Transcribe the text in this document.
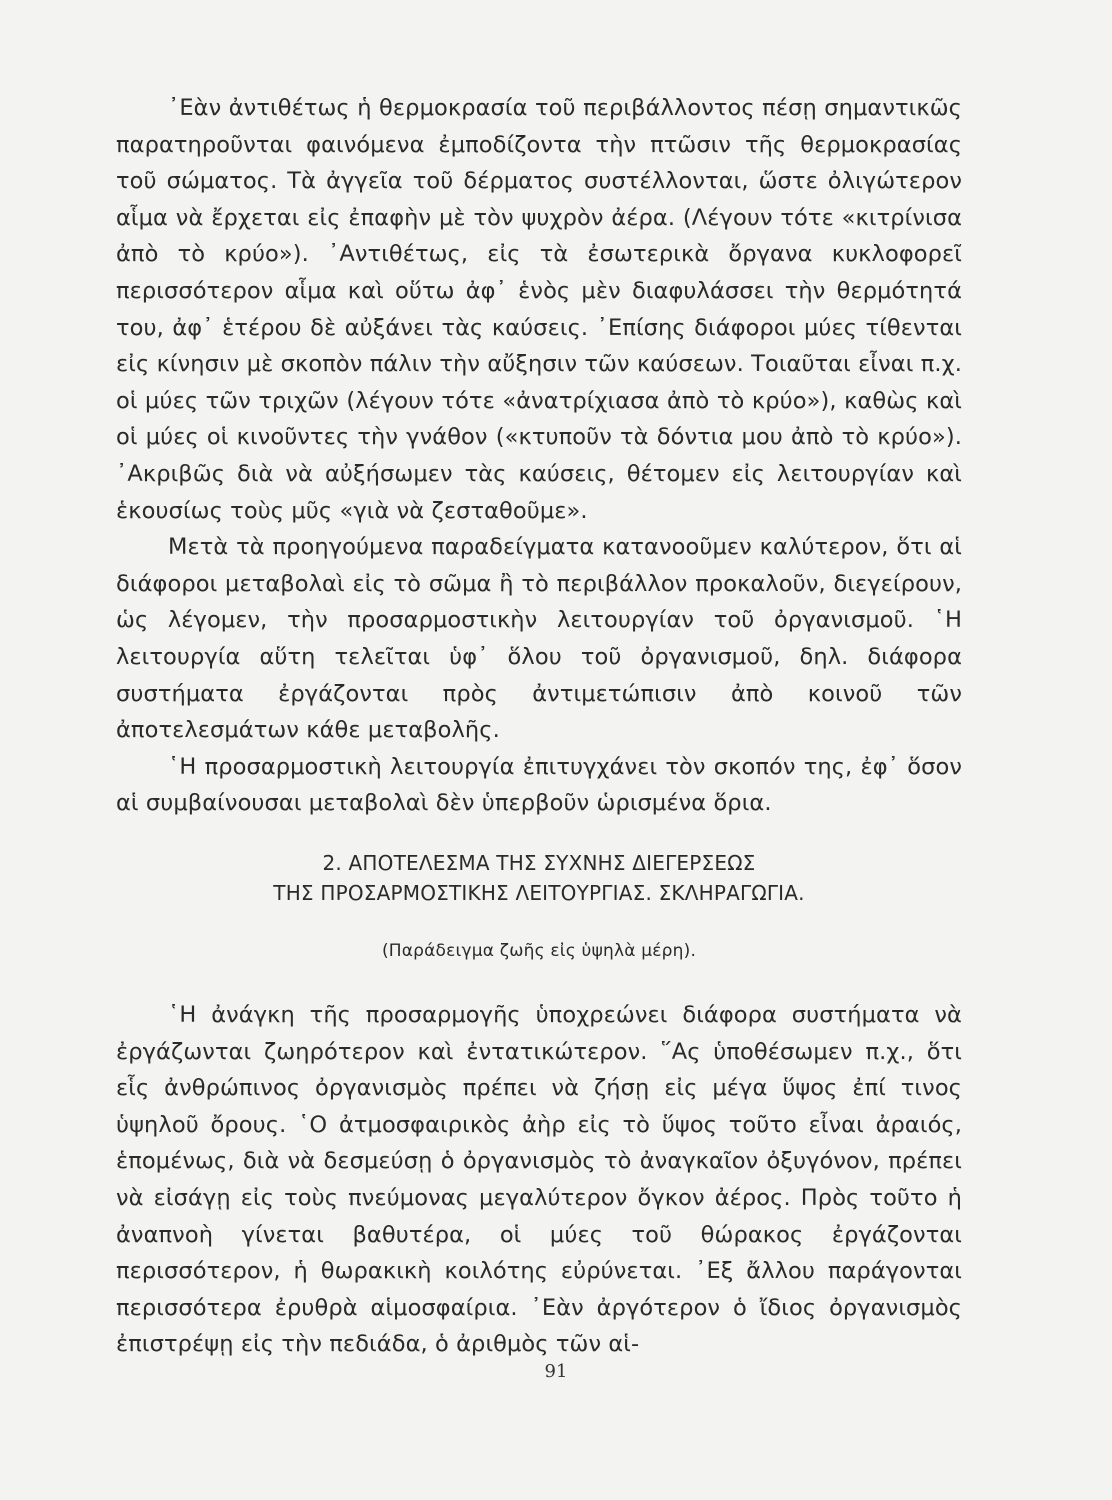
᾿Εὰν ἀντιθέτως ἡ θερμοκρασία τοῦ περιβάλλοντος πέσῃ σημαντικῶς παρατηροῦνται φαινόμενα ἐμποδίζοντα τὴν πτῶσιν τῆς θερμοκρασίας τοῦ σώματος. Τὰ ἀγγεῖα τοῦ δέρματος συστέλλονται, ὥστε ὀλιγώτερον αἷμα νὰ ἔρχεται εἰς ἐπαφὴν μὲ τὸν ψυχρὸν ἀέρα. (Λέγουν τότε «κιτρίνισα ἀπὸ τὸ κρύο»). ᾿Αντιθέτως, εἰς τὰ ἐσωτερικὰ ὄργανα κυκλοφορεῖ περισσότερον αἷμα καὶ οὕτω ἀφ᾿ ἑνὸς μὲν διαφυλάσσει τὴν θερμότητά του, ἀφ᾿ ἑτέρου δὲ αὐξάνει τὰς καύσεις. ᾿Επίσης διάφοροι μύες τίθενται εἰς κίνησιν μὲ σκοπὸν πάλιν τὴν αὔξησιν τῶν καύσεων. Τοιαῦται εἶναι π.χ. οἱ μύες τῶν τριχῶν (λέγουν τότε «ἀνατρίχιασα ἀπὸ τὸ κρύο»), καθὼς καὶ οἱ μύες οἱ κινοῦντες τὴν γνάθον («κτυποῦν τὰ δόντια μου ἀπὸ τὸ κρύο»). ᾿Ακριβῶς διὰ νὰ αὐξήσωμεν τὰς καύσεις, θέτομεν εἰς λειτουργίαν καὶ ἑκουσίως τοὺς μῦς «γιὰ νὰ ζεσταθοῦμε».

Μετὰ τὰ προηγούμενα παραδείγματα κατανοοῦμεν καλύτερον, ὅτι αἱ διάφοροι μεταβολαὶ εἰς τὸ σῶμα ἢ τὸ περιβάλλον προκαλοῦν, διεγείρουν, ὡς λέγομεν, τὴν προσαρμοστικὴν λειτουργίαν τοῦ ὀργανισμοῦ. ῾Η λειτουργία αὕτη τελεῖται ὑφ᾿ ὅλου τοῦ ὀργανισμοῦ, δηλ. διάφορα συστήματα ἐργάζονται πρὸς ἀντιμετώπισιν ἀπὸ κοινοῦ τῶν ἀποτελεσμάτων κάθε μεταβολῆς.

῾Η προσαρμοστικὴ λειτουργία ἐπιτυγχάνει τὸν σκοπόν της, ἐφ᾿ ὅσον αἱ συμβαίνουσαι μεταβολαὶ δὲν ὑπερβοῦν ὡρισμένα ὅρια.

2. ΑΠΟΤΕΛΕΣΜΑ ΤΗΣ ΣΥΧΝΗΣ ΔΙΕΓΕΡΣΕΩΣ
ΤΗΣ ΠΡΟΣΑΡΜΟΣΤΙΚΗΣ ΛΕΙΤΟΥΡΓΙΑΣ. ΣΚΛΗΡΑΓΩΓΙΑ.
(Παράδειγμα ζωῆς εἰς ὑψηλὰ μέρη).

῾Η ἀνάγκη τῆς προσαρμογῆς ὑποχρεώνει διάφορα συστήματα νὰ ἐργάζωνται ζωηρότερον καὶ ἐντατικώτερον. ῞Ας ὑποθέσωμεν π.χ., ὅτι εἷς ἀνθρώπινος ὀργανισμὸς πρέπει νὰ ζήσῃ εἰς μέγα ὕψος ἐπί τινος ὑψηλοῦ ὄρους. ῾Ο ἀτμοσφαιρικὸς ἀὴρ εἰς τὸ ὕψος τοῦτο εἶναι ἀραιός, ἑπομένως, διὰ νὰ δεσμεύσῃ ὁ ὀργανισμὸς τὸ ἀναγκαῖον ὀξυγόνον, πρέπει νὰ εἰσάγῃ εἰς τοὺς πνεύμονας μεγαλύτερον ὄγκον ἀέρος. Πρὸς τοῦτο ἡ ἀναπνοὴ γίνεται βαθυτέρα, οἱ μύες τοῦ θώρακος ἐργάζονται περισσότερον, ἡ θωρακικὴ κοιλότης εὐρύνεται. ᾿Εξ ἄλλου παράγονται περισσότερα ἐρυθρὰ αἱμοσφαίρια. ᾿Εὰν ἀργότερον ὁ ἴδιος ὀργανισμὸς ἐπιστρέψῃ εἰς τὴν πεδιάδα, ὁ ἀριθμὸς τῶν αἱ-

91
